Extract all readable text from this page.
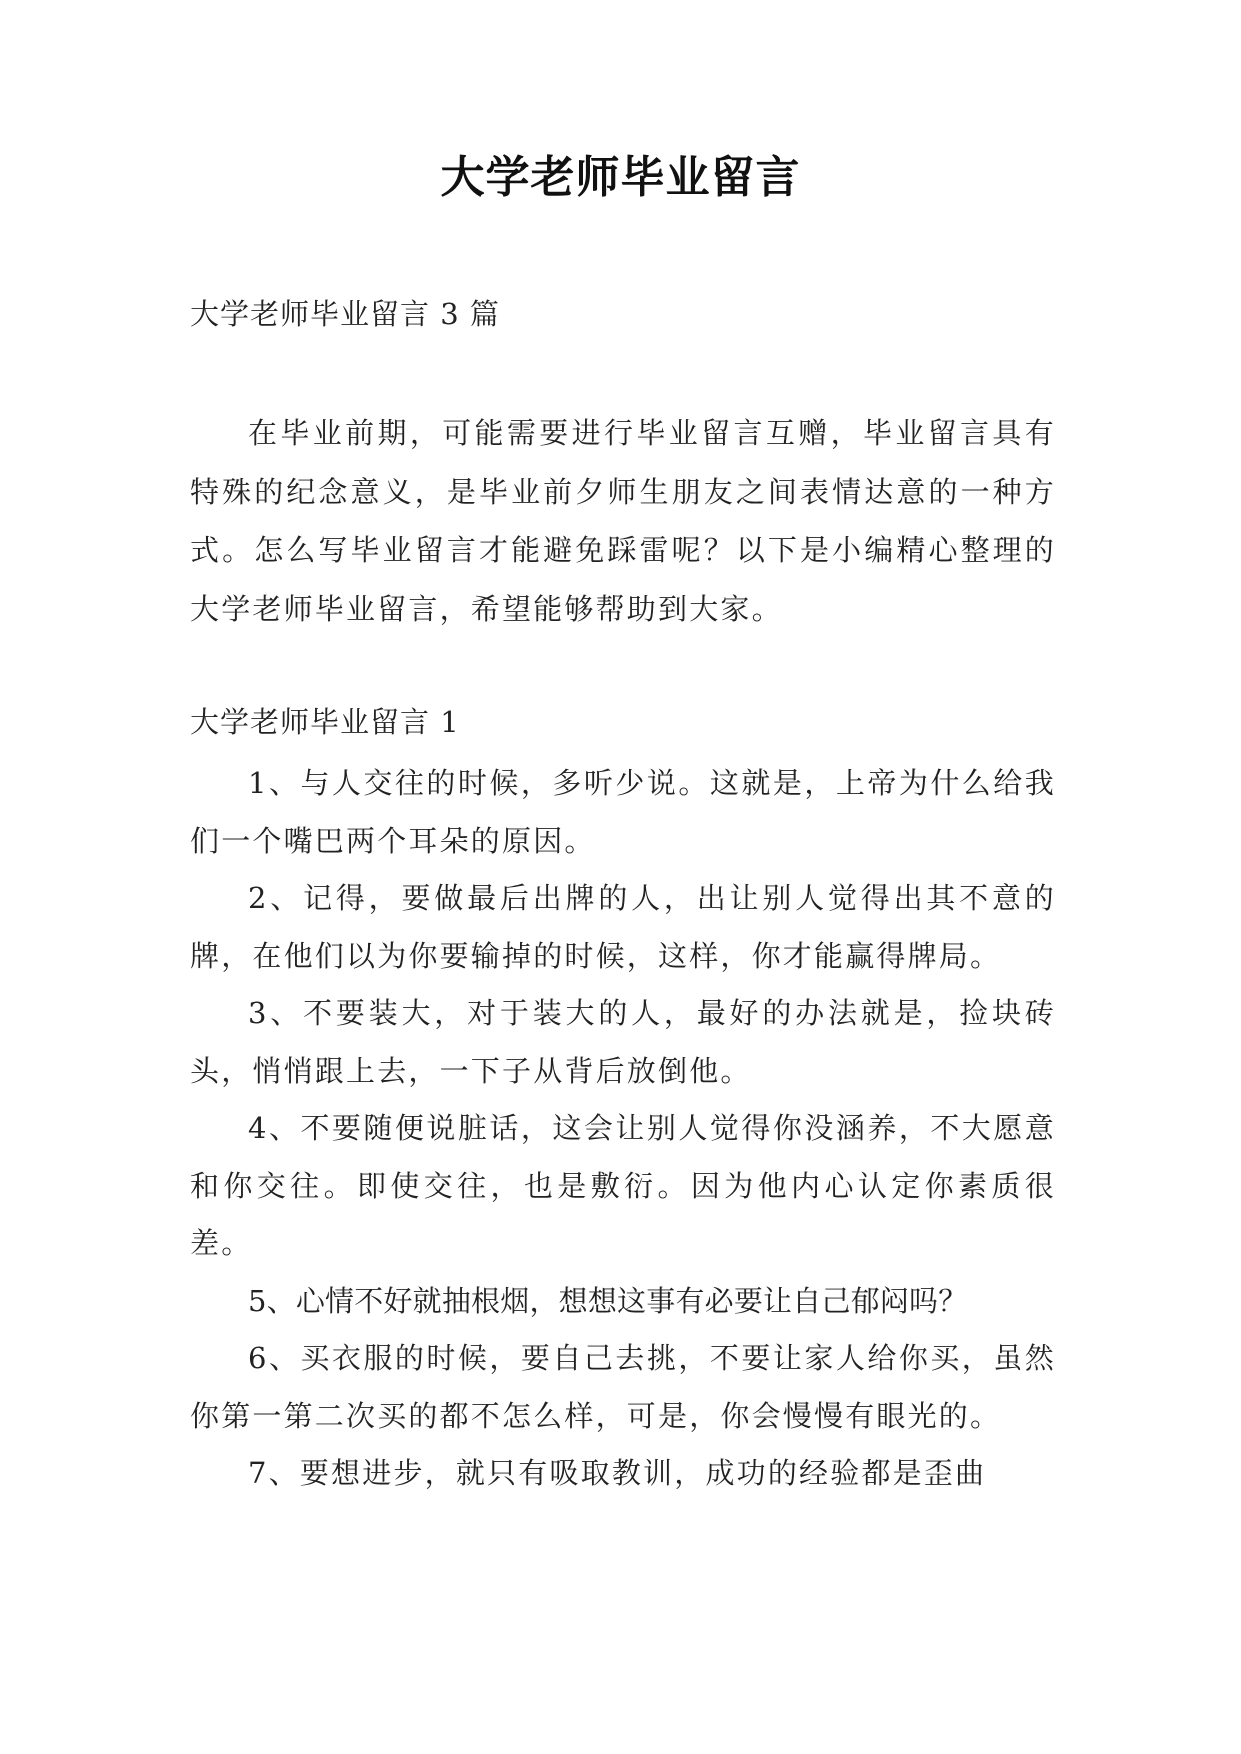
大学老师毕业留言

大学老师毕业留言 3 篇

在毕业前期，可能需要进行毕业留言互赠，毕业留言具有特殊的纪念意义，是毕业前夕师生朋友之间表情达意的一种方式。怎么写毕业留言才能避免踩雷呢？以下是小编精心整理的大学老师毕业留言，希望能够帮助到大家。

大学老师毕业留言 1

1、与人交往的时候，多听少说。这就是，上帝为什么给我们一个嘴巴两个耳朵的原因。

2、记得，要做最后出牌的人，出让别人觉得出其不意的牌，在他们以为你要输掉的时候，这样，你才能赢得牌局。

3、不要装大，对于装大的人，最好的办法就是，捡块砖头，悄悄跟上去，一下子从背后放倒他。

4、不要随便说脏话，这会让别人觉得你没涵养，不大愿意和你交往。即使交往，也是敷衍。因为他内心认定你素质很差。

5、心情不好就抽根烟，想想这事有必要让自己郁闷吗？

6、买衣服的时候，要自己去挑，不要让家人给你买，虽然你第一第二次买的都不怎么样，可是，你会慢慢有眼光的。

7、要想进步，就只有吸取教训，成功的经验都是歪曲
